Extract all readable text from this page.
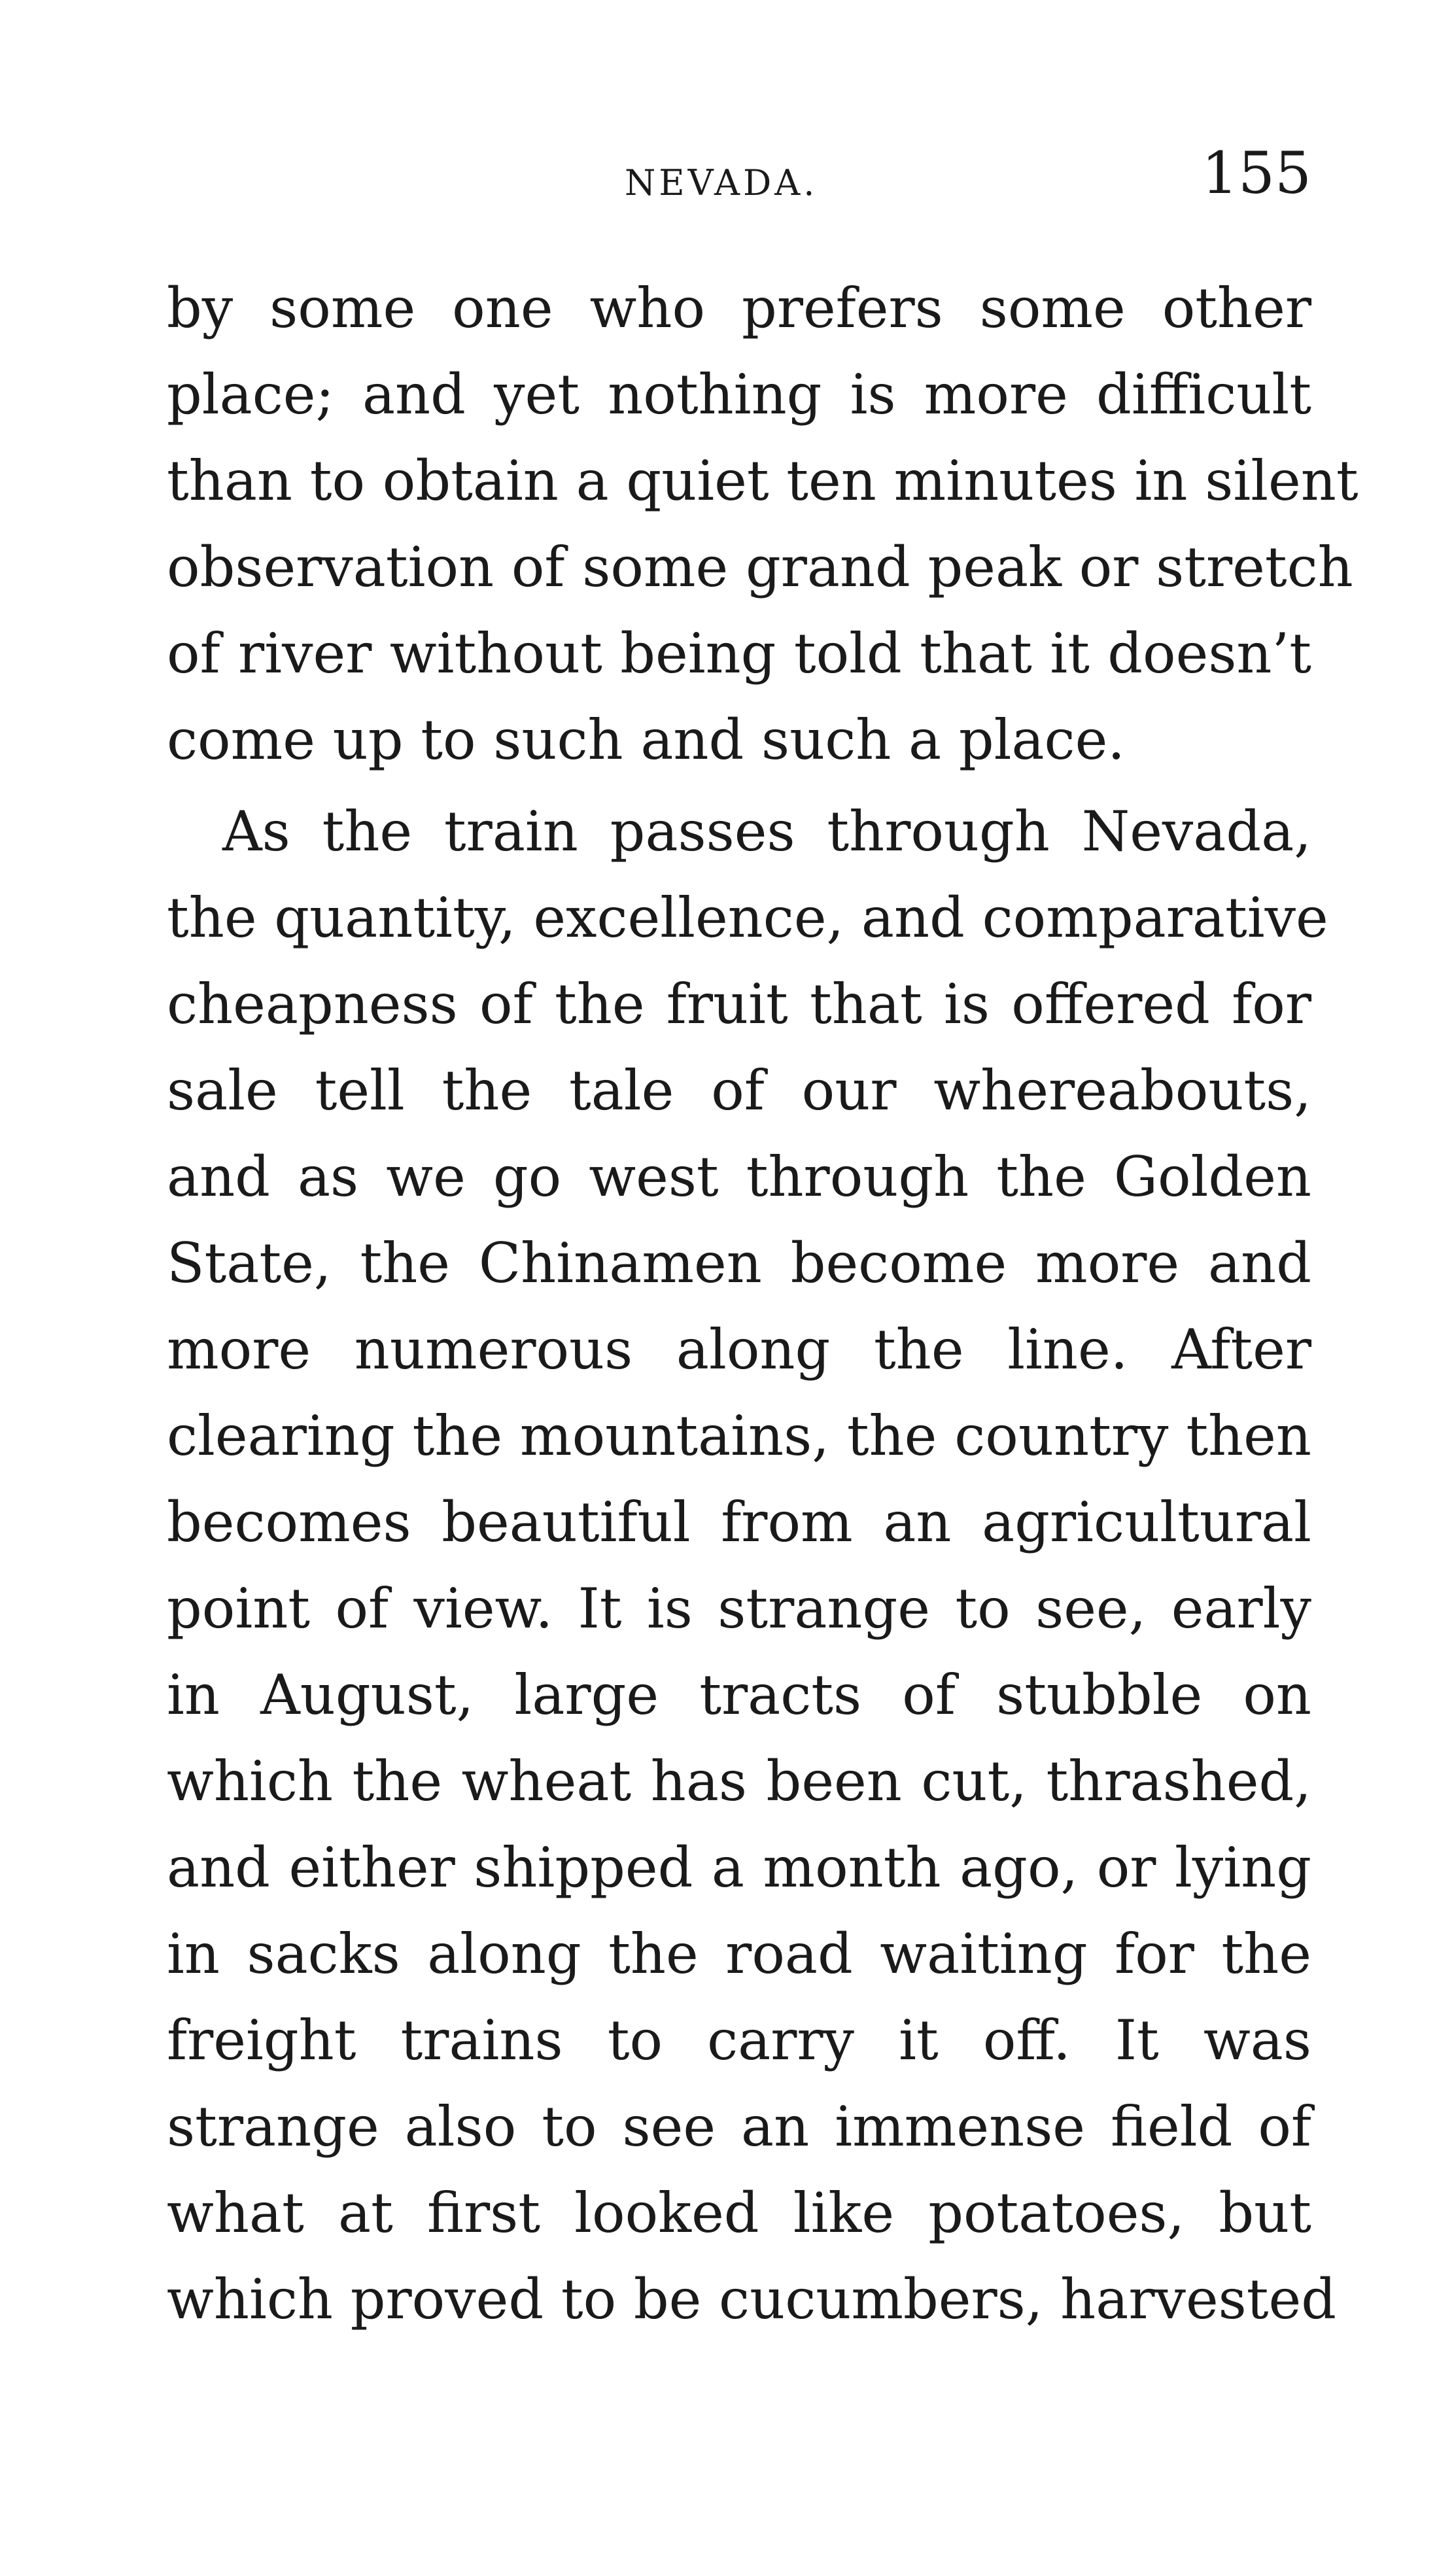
NEVADA.	155
by some one who prefers some other
place; and yet nothing is more difficult
than to obtain a quiet ten minutes in silent
observation of some grand peak or stretch
of river without being told that it doesn’t
come up to such and such a place.
As the train passes through Nevada,
the quantity, excellence, and comparative
cheapness of the fruit that is offered for
sale tell the tale of our whereabouts,
and as we go west through the Golden
State, the Chinamen become more and
more numerous along the line. After
clearing the mountains, the country then
becomes beautiful from an agricultural
point of view. It is strange to see, early
in August, large tracts of stubble on
which the wheat has been cut, thrashed,
and either shipped a month ago, or lying
in sacks along the road waiting for the
freight trains to carry it off. It was
strange also to see an immense field of
what at first looked like potatoes, but
which proved to be cucumbers, harvested
